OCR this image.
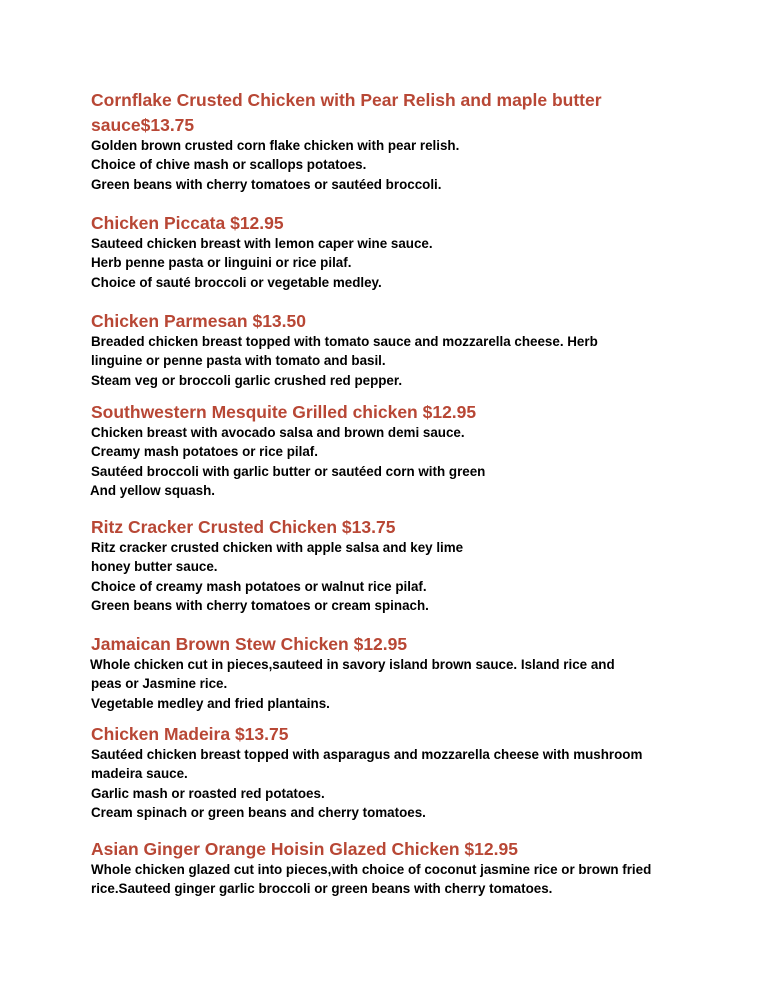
Cornflake Crusted Chicken with Pear Relish and maple butter
sauce$13.75

Golden brown crusted corn flake chicken with pear relish.
Choice of chive mash or scallops potatoes.
Green beans with cherry tomatoes or sautéed broccoli.

Chicken Piccata $12.95

Sauteed chicken breast with lemon caper wine sauce.
Herb penne pasta or linguini or rice pilaf.
Choice of sauté broccoli or vegetable medley.

Chicken Parmesan $13.50

Breaded chicken breast topped with tomato sauce and mozzarella cheese. Herb
linguine or penne pasta with tomato and basil.
Steam veg or broccoli garlic crushed red pepper.

Southwestern Mesquite Grilled chicken $12.95

Chicken breast with avocado salsa and brown demi sauce.
Creamy mash potatoes or rice pilaf.
Sautéed broccoli with garlic butter or sautéed corn with green
And yellow squash.

Ritz Cracker Crusted Chicken $13.75

Ritz cracker crusted chicken with apple salsa and key lime
honey butter sauce.
Choice of creamy mash potatoes or walnut rice pilaf.
Green beans with cherry tomatoes or cream spinach.

Jamaican Brown Stew Chicken $12.95

Whole chicken cut in pieces,sauteed in savory island brown sauce. Island rice and
peas or Jasmine rice.
Vegetable medley and fried plantains.

Chicken Madeira $13.75

Sautéed chicken breast topped with asparagus and mozzarella cheese with mushroom
madeira sauce.
Garlic mash or roasted red potatoes.
Cream spinach or green beans and cherry tomatoes.

Asian Ginger Orange Hoisin Glazed Chicken $12.95

Whole chicken glazed cut into pieces,with choice of coconut jasmine rice or brown fried
rice.Sauteed ginger garlic broccoli or green beans with cherry tomatoes.
